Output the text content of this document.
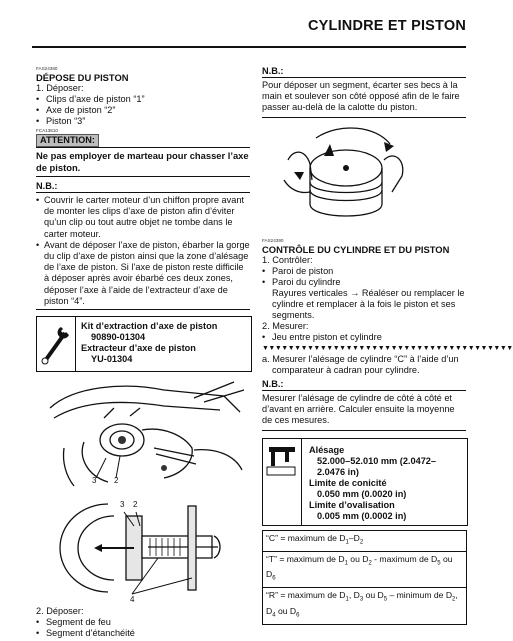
CYLINDRE ET PISTON
FAS24380
DÉPOSE DU PISTON
1. Déposer:
• Clips d’axe de piston “1”
• Axe de piston “2”
• Piston “3”
FCA13810
ATTENTION:
Ne pas employer de marteau pour chasser l’axe de piston.
N.B.:
• Couvrir le carter moteur d’un chiffon propre avant de monter les clips d’axe de piston afin d’éviter qu’un clip ou tout autre objet ne tombe dans le carter moteur.
• Avant de déposer l’axe de piston, ébarber la gorge du clip d’axe de piston ainsi que la zone d’alésage de l’axe de piston. Si l’axe de piston reste difficile à déposer après avoir ébarbé ces deux zones, déposer l’axe à l’aide de l’extracteur d’axe de piston “4”.
Kit d’extraction d’axe de piston
90890-01304
Extracteur d’axe de piston
YU-01304
3 2
3 2
4
2. Déposer:
• Segment de feu
• Segment d’étanchéité
N.B.:
Pour déposer un segment, écarter ses becs à la main et soulever son côté opposé afin de le faire passer au-delà de la calotte du piston.
FAS24390
CONTRÔLE DU CYLINDRE ET DU PISTON
1. Contrôler:
• Paroi de piston
• Paroi du cylindre
Rayures verticales → Réaléser ou remplacer le cylindre et remplacer à la fois le piston et ses segments.
2. Mesurer:
• Jeu entre piston et cylindre
▼▼▼▼▼▼▼▼▼▼▼▼▼▼▼▼▼▼▼▼▼▼▼▼▼▼▼▼▼▼▼▼▼▼▼▼▼▼▼
a. Mesurer l’alésage de cylindre “C” à l’aide d’un comparateur à cadran pour cylindre.
N.B.:
Mesurer l’alésage de cylindre de côté à côté et d’avant en arrière. Calculer ensuite la moyenne de ces mesures.
Alésage
52.000–52.010 mm (2.0472–
2.0476 in)
Limite de conicité
0.050 mm (0.0020 in)
Limite d’ovalisation
0.005 mm (0.0002 in)
“C” = maximum de $D_1-D_2$
“T” = maximum de $D_1$ ou $D_2$ - maximum de $D_5$ ou $D_6$
“R” = maximum de $D_1$, $D_3$ ou $D_5$ – minimum de $D_2$, $D_4$ ou $D_6$
